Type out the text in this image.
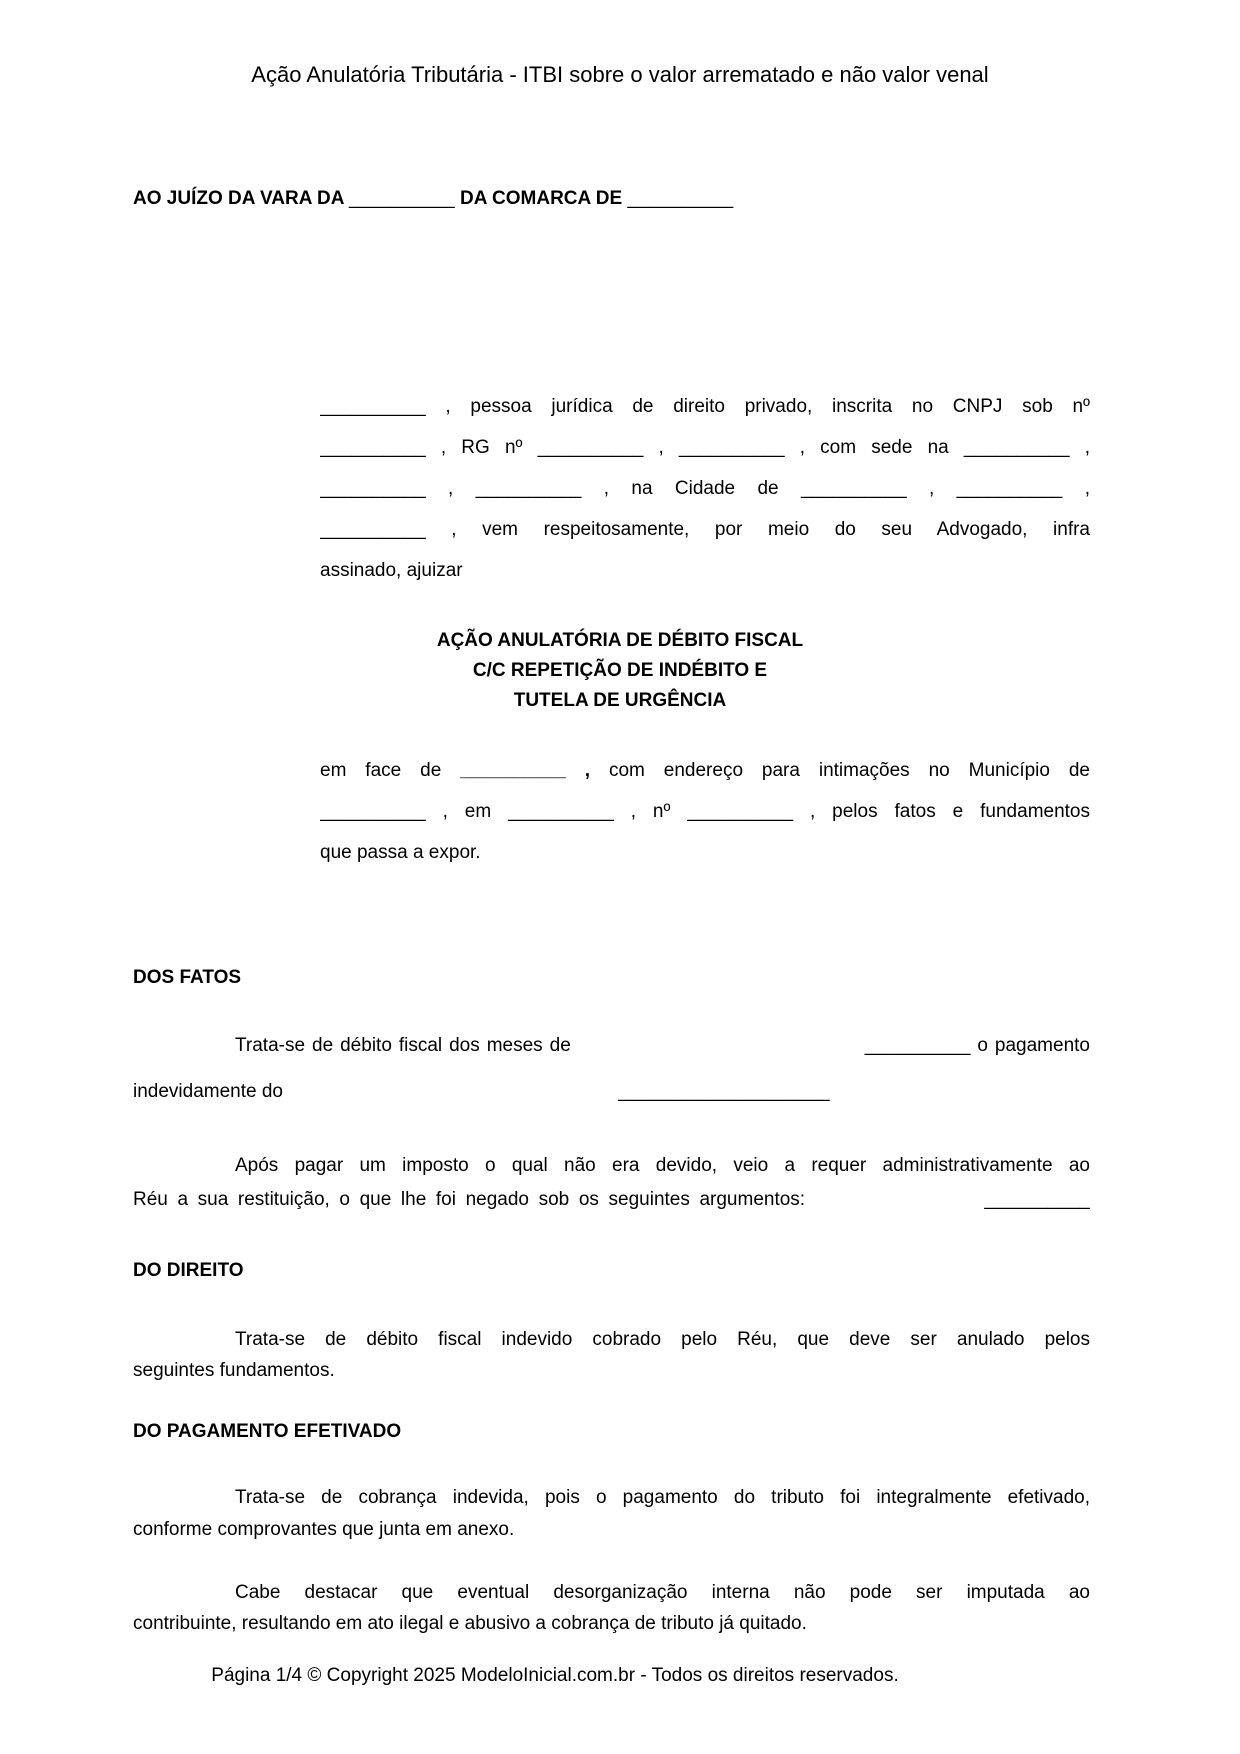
Ação Anulatória Tributária - ITBI sobre o valor arrematado e não valor venal
AO JUÍZO DA VARA DA __________ DA COMARCA DE __________
__________ , pessoa jurídica de direito privado, inscrita no CNPJ sob nº
__________ , RG nº __________ , __________ , com sede na __________ ,
__________ , __________ , na Cidade de __________ , __________ ,
__________ , vem respeitosamente, por meio do seu Advogado, infra
assinado, ajuizar
AÇÃO ANULATÓRIA DE DÉBITO FISCAL
C/C REPETIÇÃO DE INDÉBITO E
TUTELA DE URGÊNCIA
em face de __________ , com endereço para intimações no Município de
__________ , em __________ , nº __________ , pelos fatos e fundamentos
que passa a expor.
DOS FATOS
Trata-se de débito fiscal dos meses de	__________ o pagamento
indevidamente do	____________________
Após pagar um imposto o qual não era devido, veio a requer administrativamente ao
Réu a sua restituição, o que lhe foi negado sob os seguintes argumentos:	__________
DO DIREITO
Trata-se de débito fiscal indevido cobrado pelo Réu, que deve ser anulado pelos
seguintes fundamentos.
DO PAGAMENTO EFETIVADO
Trata-se de cobrança indevida, pois o pagamento do tributo foi integralmente efetivado,
conforme comprovantes que junta em anexo.
Cabe destacar que eventual desorganização interna não pode ser imputada ao
contribuinte, resultando em ato ilegal e abusivo a cobrança de tributo já quitado.
Página 1/4 © Copyright 2025 ModeloInicial.com.br - Todos os direitos reservados.
